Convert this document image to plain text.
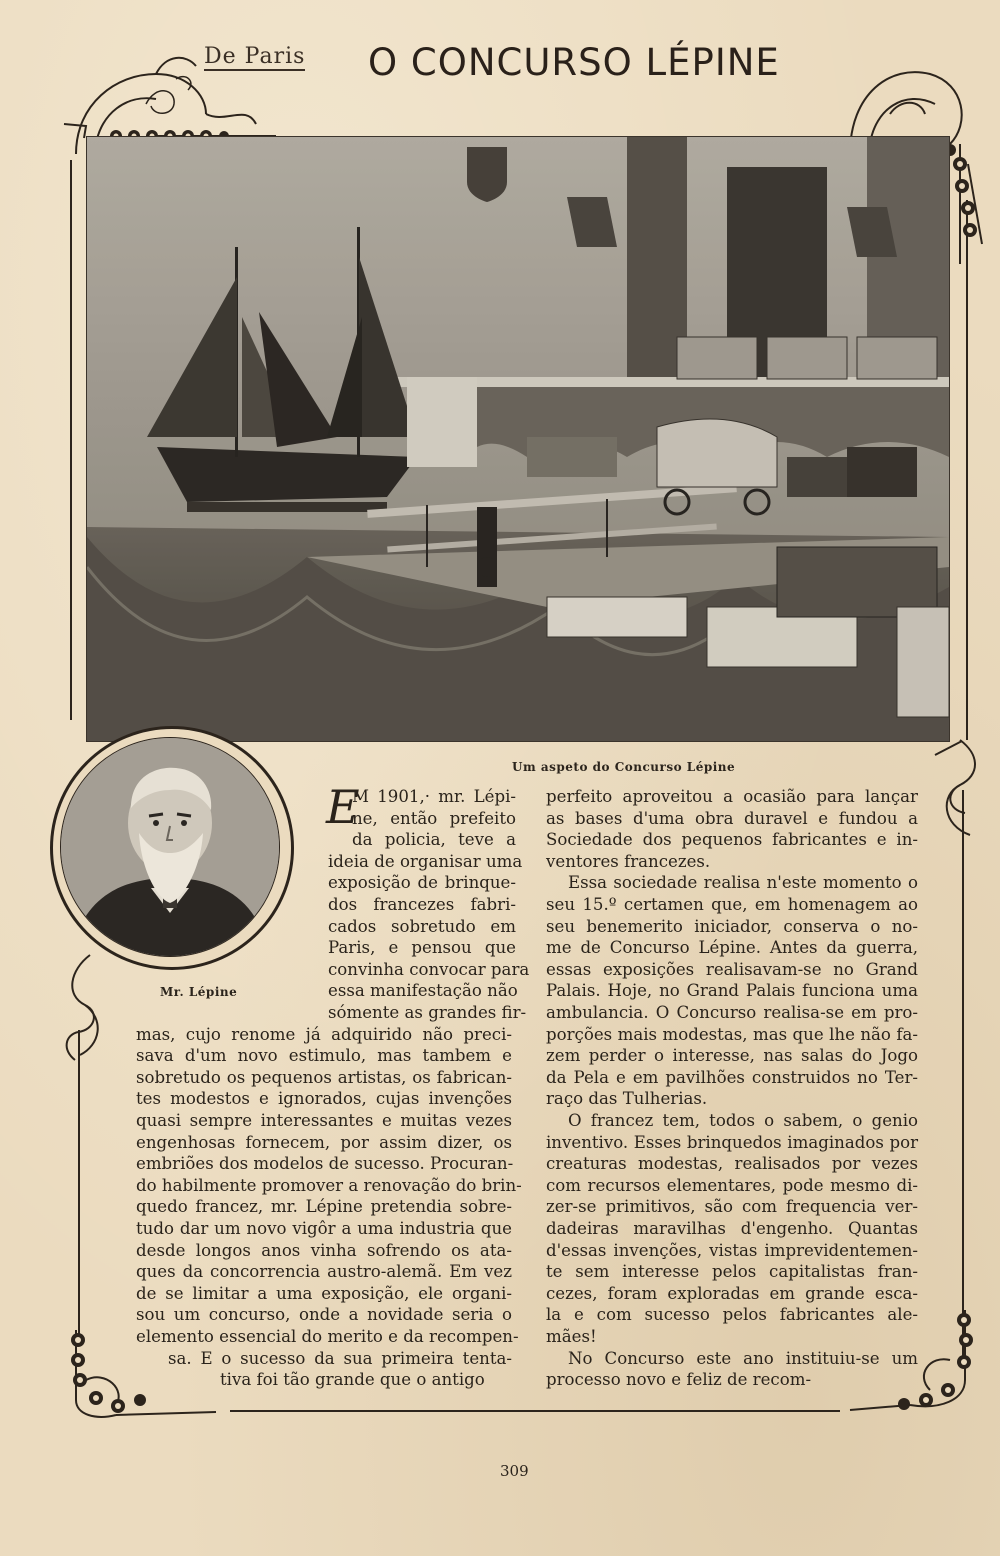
De Paris O CONCURSO LÉPINE
Um aspeto do Concurso Lépine
Mr. Lépine
E
M 1901,· mr. Lépi-
ne, então prefeito
da policia, teve a
ideia de organisar uma
exposição de brinque-
dos francezes fabri-
cados sobretudo em
Paris, e pensou que
convinha convocar para
essa manifestação não
sómente as grandes fir-
mas, cujo renome já adquirido não preci-
sava d'um novo estimulo, mas tambem e
sobretudo os pequenos artistas, os fabrican-
tes modestos e ignorados, cujas invenções
quasi sempre interessantes e muitas vezes
engenhosas fornecem, por assim dizer, os
embriões dos modelos de sucesso. Procuran-
do habilmente promover a renovação do brin-
quedo francez, mr. Lépine pretendia sobre-
tudo dar um novo vigôr a uma industria que
desde longos anos vinha sofrendo os ata-
ques da concorrencia austro-alemã. Em vez
de se limitar a uma exposição, ele organi-
sou um concurso, onde a novidade seria o
elemento essencial do merito e da recompen-
sa. E o sucesso da sua primeira tenta-
tiva foi tão grande que o antigo
perfeito aproveitou a ocasião para lançar
as bases d'uma obra duravel e fundou a
Sociedade dos pequenos fabricantes e in-
ventores francezes.
Essa sociedade realisa n'este momento o
seu 15.º certamen que, em homenagem ao
seu benemerito iniciador, conserva o no-
me de Concurso Lépine. Antes da guerra,
essas exposições realisavam-se no Grand
Palais. Hoje, no Grand Palais funciona uma
ambulancia. O Concurso realisa-se em pro-
porções mais modestas, mas que lhe não fa-
zem perder o interesse, nas salas do Jogo
da Pela e em pavilhões construidos no Ter-
raço das Tulherias.
O francez tem, todos o sabem, o genio
inventivo. Esses brinquedos imaginados por
creaturas modestas, realisados por vezes
com recursos elementares, pode mesmo di-
zer-se primitivos, são com frequencia ver-
dadeiras maravilhas d'engenho. Quantas
d'essas invenções, vistas imprevidentemen-
te sem interesse pelos capitalistas fran-
cezes, foram exploradas em grande esca-
la e com sucesso pelos fabricantes ale-
mães!
No Concurso este ano instituiu-se um
processo novo e feliz de recom-
309
